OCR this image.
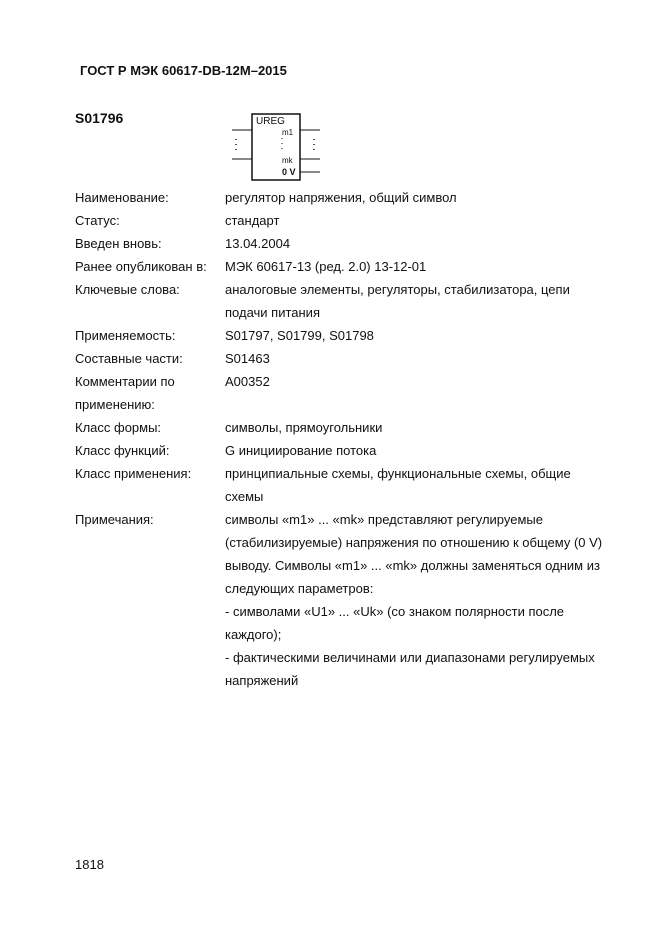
ГОСТ Р МЭК 60617-DB-12M–2015
S01796	UREG
m1
mk
0 V
Наименование:	регулятор напряжения, общий символ
Статус:	стандарт
Введен вновь:	13.04.2004
Ранее опубликован в:	МЭК 60617-13 (ред. 2.0) 13-12-01
Ключевые слова:	аналоговые элементы, регуляторы, стабилизатора, цепи
подачи питания
Применяемость:	S01797, S01799, S01798
Составные части:	S01463
Комментарии по применению:
A00352
Класс формы:	символы, прямоугольники
Класс функций:	G инициирование потока
Класс применения:	принципиальные схемы, функциональные схемы, общие
схемы
Примечания:	символы «m1» ... «mk» представляют регулируемые
(стабилизируемые) напряжения по отношению к общему (0 V)
выводу. Символы «m1» ... «mk» должны заменяться одним из
следующих параметров:
- символами «U1» ... «Uk» (со знаком полярности после
каждого);
- фактическими величинами или диапазонами регулируемых
напряжений
1818
